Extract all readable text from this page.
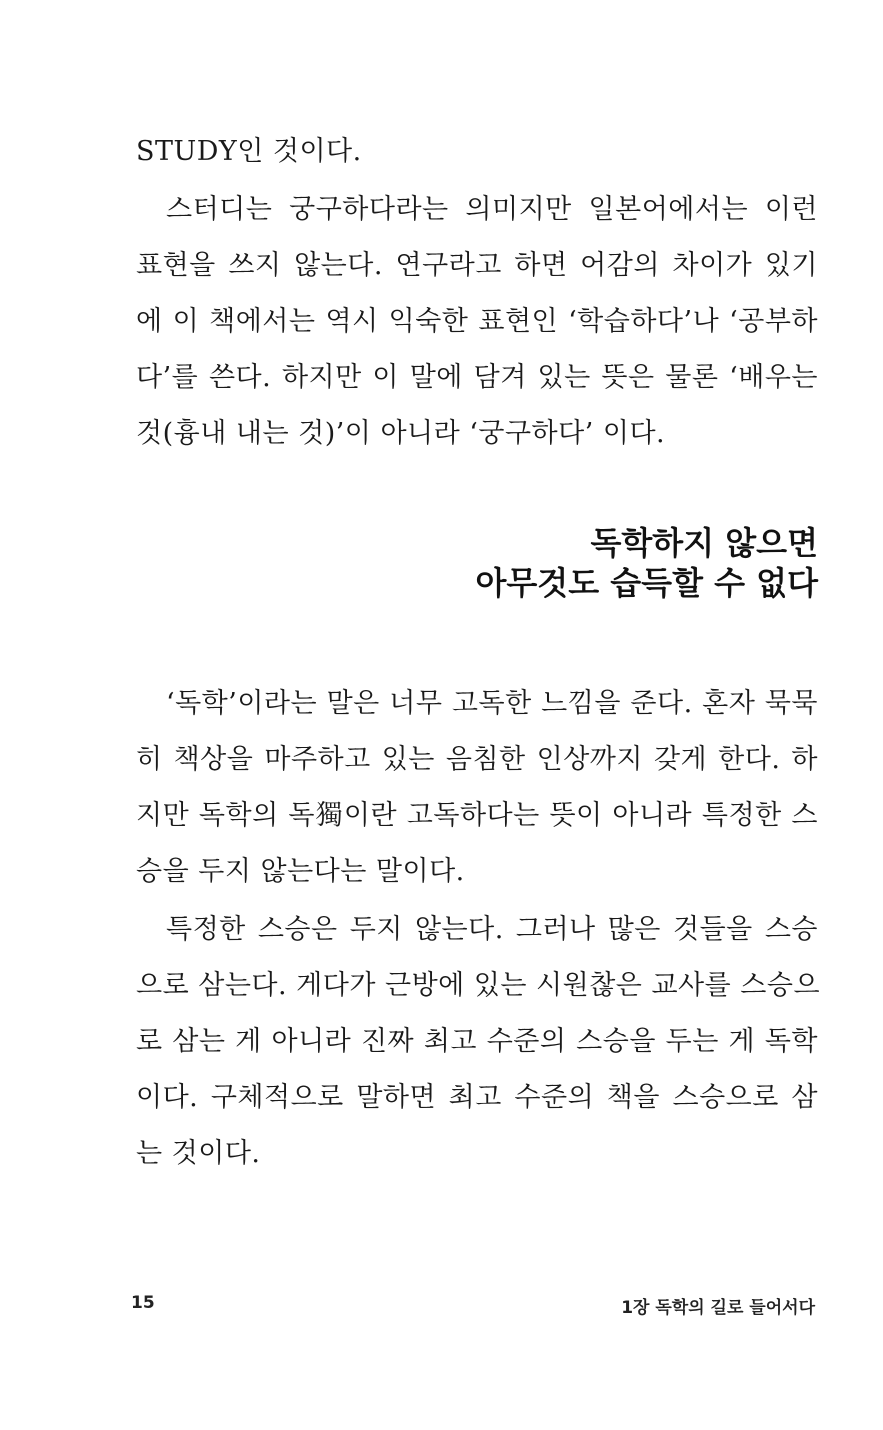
STUDY인 것이다.
스터디는 궁구하다라는 의미지만 일본어에서는 이런
표현을 쓰지 않는다. 연구라고 하면 어감의 차이가 있기
에 이 책에서는 역시 익숙한 표현인 ‘학습하다’나 ‘공부하
다’를 쓴다. 하지만 이 말에 담겨 있는 뜻은 물론 ‘배우는
것(흉내 내는 것)’이 아니라 ‘궁구하다’ 이다.
독학하지 않으면
아무것도 습득할 수 없다
‘독학’이라는 말은 너무 고독한 느낌을 준다. 혼자 묵묵
히 책상을 마주하고 있는 음침한 인상까지 갖게 한다. 하
지만 독학의 독獨이란 고독하다는 뜻이 아니라 특정한 스
승을 두지 않는다는 말이다.
특정한 스승은 두지 않는다. 그러나 많은 것들을 스승
으로 삼는다. 게다가 근방에 있는 시원찮은 교사를 스승으
로 삼는 게 아니라 진짜 최고 수준의 스승을 두는 게 독학
이다. 구체적으로 말하면 최고 수준의 책을 스승으로 삼
는 것이다.
15	1장 독학의 길로 들어서다
